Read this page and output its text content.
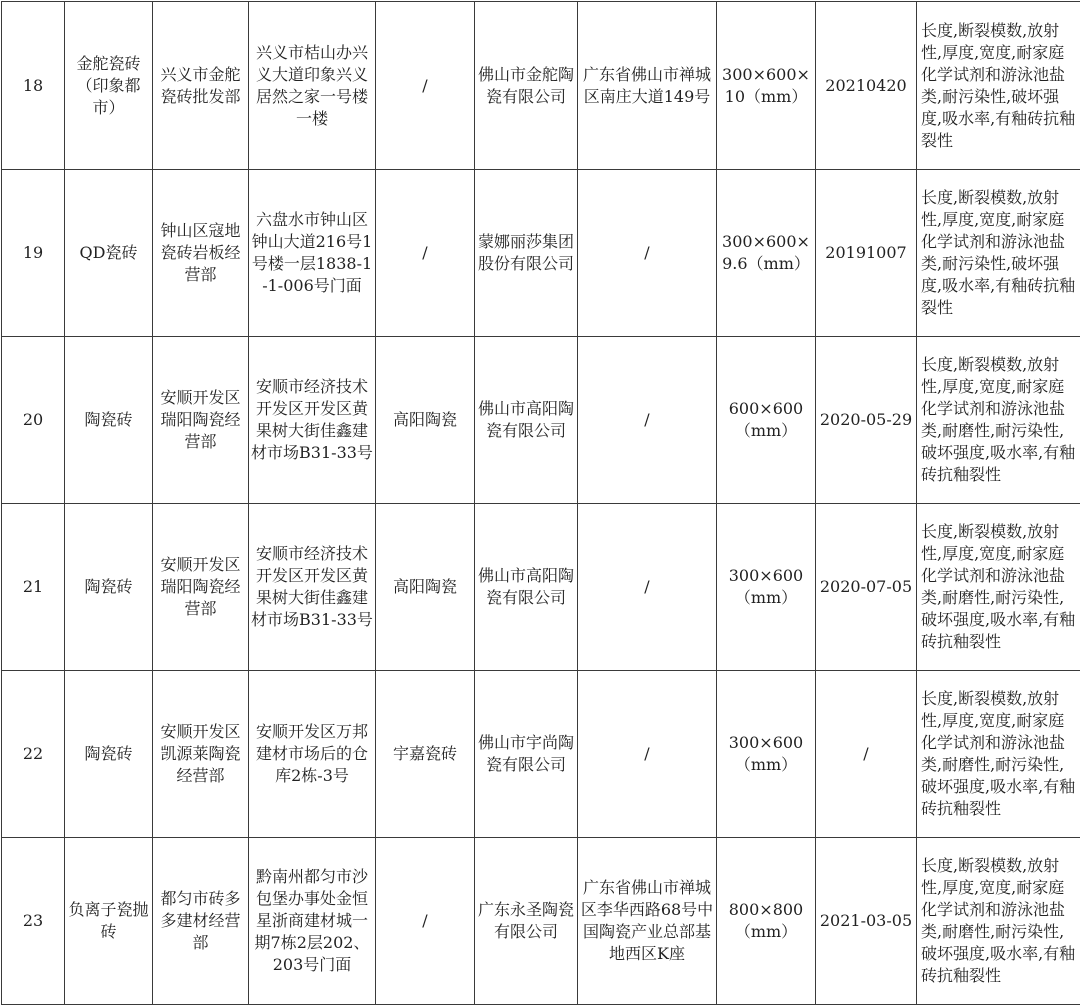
18	金舵瓷砖（印象都市）	兴义市金舵瓷砖批发部	兴义市桔山办兴义大道印象兴义居然之家一号楼一楼	/	佛山市金舵陶瓷有限公司	广东省佛山市禅城区南庄大道149号	300×600×10（mm）	20210420	长度,断裂模数,放射性,厚度,宽度,耐家庭化学试剂和游泳池盐类,耐污染性,破坏强度,吸水率,有釉砖抗釉裂性
19	QD瓷砖	钟山区寇地瓷砖岩板经营部	六盘水市钟山区钟山大道216号1号楼一层1838-1-1-006号门面	/	蒙娜丽莎集团股份有限公司	/	300×600×9.6（mm）	20191007	长度,断裂模数,放射性,厚度,宽度,耐家庭化学试剂和游泳池盐类,耐污染性,破坏强度,吸水率,有釉砖抗釉裂性
20	陶瓷砖	安顺开发区瑞阳陶瓷经营部	安顺市经济技术开发区开发区黄果树大街佳鑫建材市场B31-33号	高阳陶瓷	佛山市高阳陶瓷有限公司	/	600×600（mm）	2020-05-29	长度,断裂模数,放射性,厚度,宽度,耐家庭化学试剂和游泳池盐类,耐磨性,耐污染性,破坏强度,吸水率,有釉砖抗釉裂性
21	陶瓷砖	安顺开发区瑞阳陶瓷经营部	安顺市经济技术开发区开发区黄果树大街佳鑫建材市场B31-33号	高阳陶瓷	佛山市高阳陶瓷有限公司	/	300×600（mm）	2020-07-05	长度,断裂模数,放射性,厚度,宽度,耐家庭化学试剂和游泳池盐类,耐磨性,耐污染性,破坏强度,吸水率,有釉砖抗釉裂性
22	陶瓷砖	安顺开发区凯源莱陶瓷经营部	安顺开发区万邦建材市场后的仓库2栋-3号	宇嘉瓷砖	佛山市宇尚陶瓷有限公司	/	300×600（mm）	/	长度,断裂模数,放射性,厚度,宽度,耐家庭化学试剂和游泳池盐类,耐磨性,耐污染性,破坏强度,吸水率,有釉砖抗釉裂性
23	负离子瓷抛砖	都匀市砖多多建材经营部	黔南州都匀市沙包堡办事处金恒星浙商建材城一期7栋2层202、203号门面	/	广东永圣陶瓷有限公司	广东省佛山市禅城区李华西路68号中国陶瓷产业总部基地西区K座	800×800（mm）	2021-03-05	长度,断裂模数,放射性,厚度,宽度,耐家庭化学试剂和游泳池盐类,耐磨性,耐污染性,破坏强度,吸水率,有釉砖抗釉裂性
